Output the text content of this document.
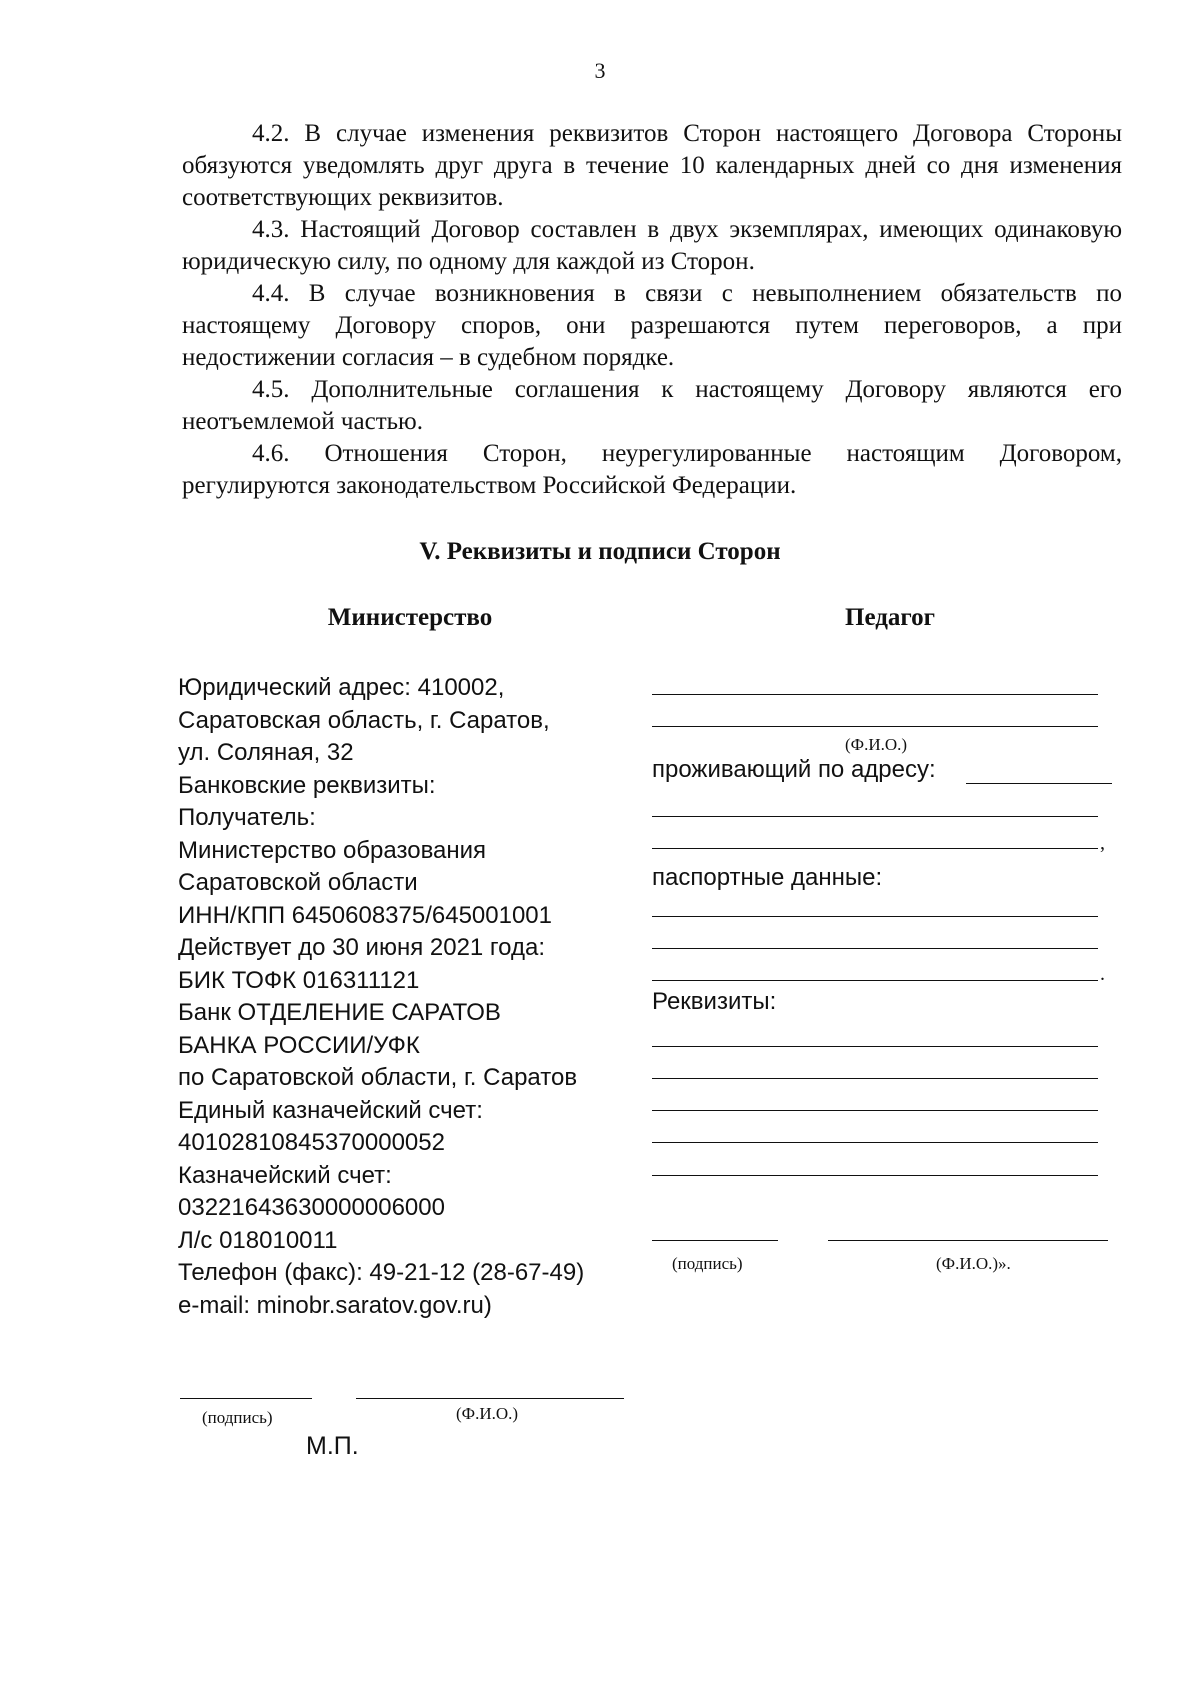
3

4.2. В случае изменения реквизитов Сторон настоящего Договора Стороны обязуются уведомлять друг друга в течение 10 календарных дней со дня изменения соответствующих реквизитов.

4.3. Настоящий Договор составлен в двух экземплярах, имеющих одинаковую юридическую силу, по одному для каждой из Сторон.

4.4. В случае возникновения в связи с невыполнением обязательств по настоящему Договору споров, они разрешаются путем переговоров, а при недостижении согласия – в судебном порядке.

4.5. Дополнительные соглашения к настоящему Договору являются его неотъемлемой частью.

4.6. Отношения Сторон, неурегулированные настоящим Договором, регулируются законодательством Российской Федерации.

V. Реквизиты и подписи Сторон
Министерство	Педагог
Юридический адрес: 410002,
Саратовская область, г. Саратов,
ул. Соляная, 32
Банковские реквизиты:
Получатель:
Министерство образования
Саратовской области
ИНН/КПП 6450608375/645001001
Действует до 30 июня 2021 года:
БИК ТОФК 016311121
Банк ОТДЕЛЕНИЕ САРАТОВ
БАНКА РОССИИ/УФК
по Саратовской области, г. Саратов
Единый казначейский счет:
40102810845370000052
Казначейский счет:
03221643630000006000
Л/с 018010011
Телефон (факс): 49-21-12 (28-67-49)
e-mail: minobr.saratov.gov.ru)
(Ф.И.О.)
проживающий по адресу:
,
паспортные данные:
.
Реквизиты:
(подпись)	(Ф.И.О.)».
(подпись)	(Ф.И.О.)
М.П.
